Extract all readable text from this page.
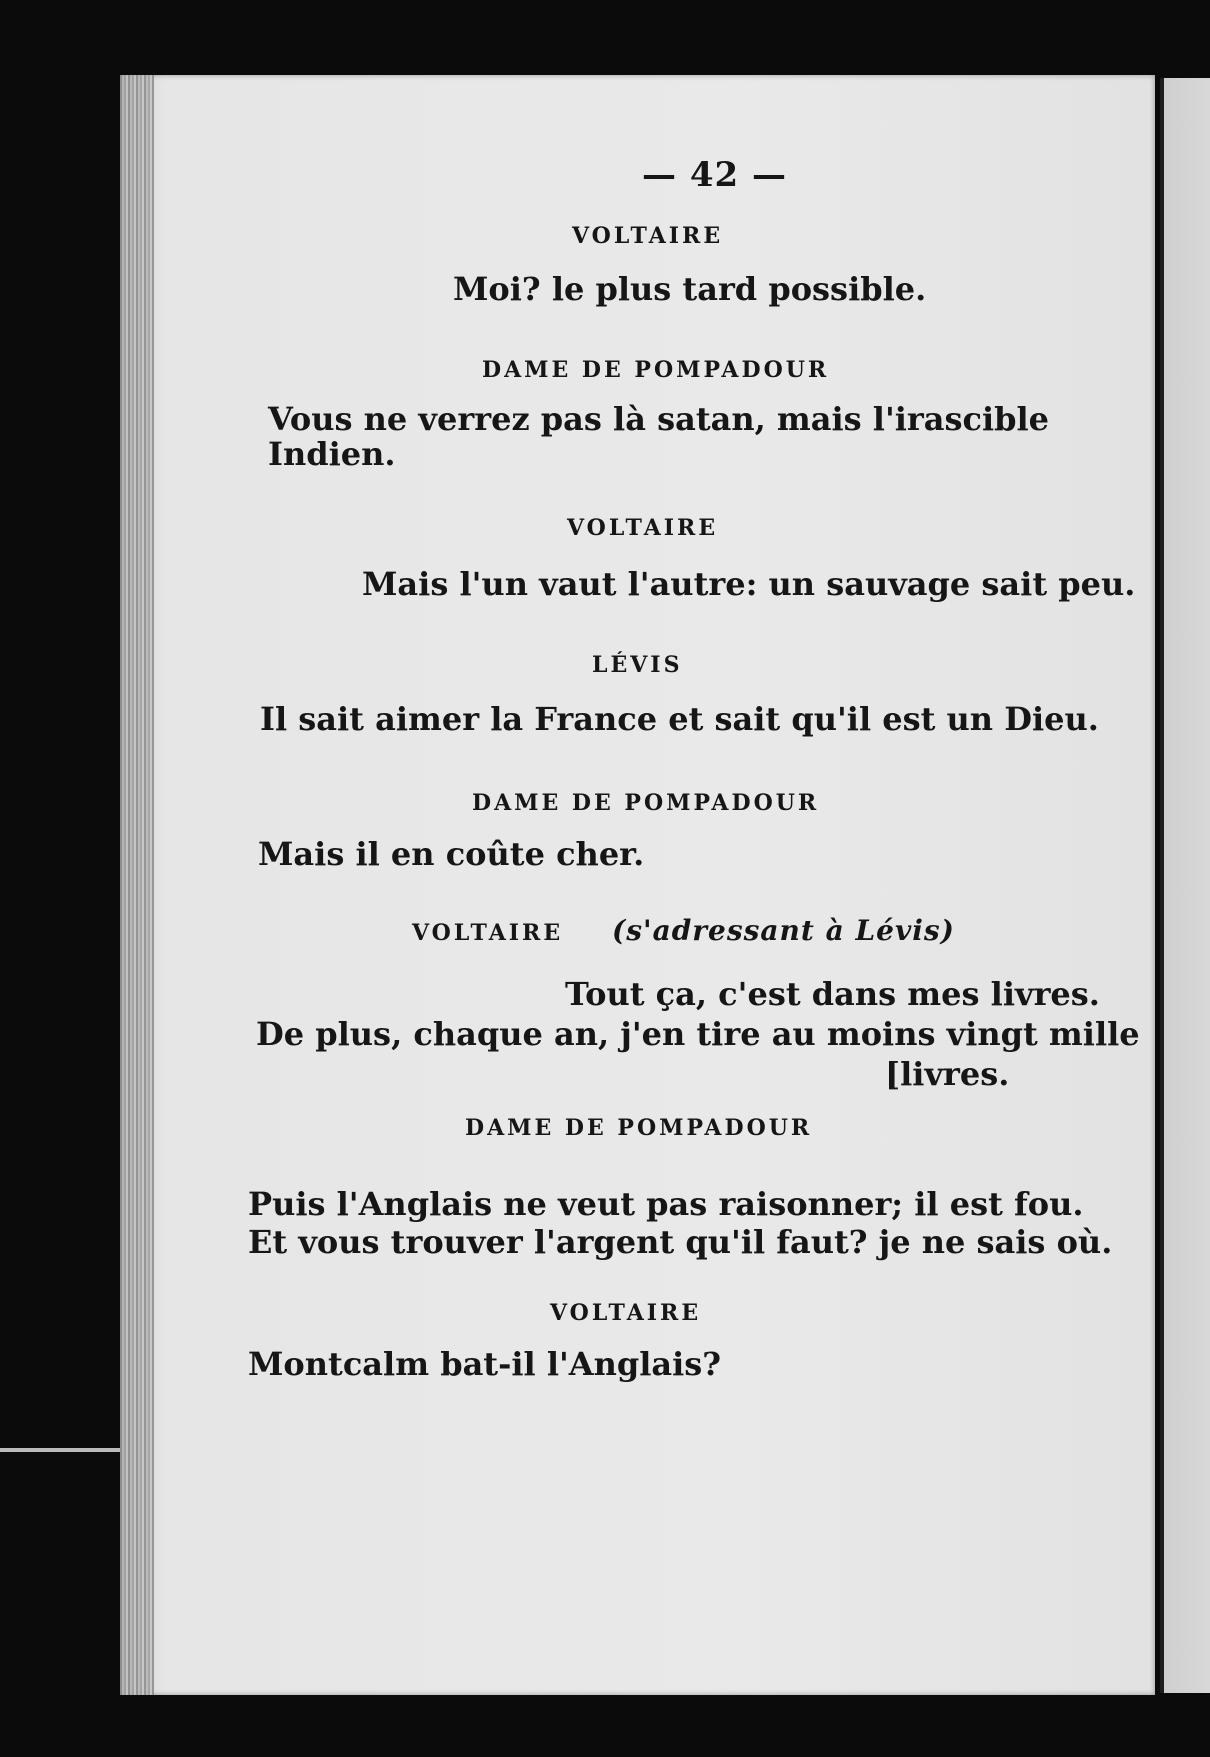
— 42 —
VOLTAIRE
Moi? le plus tard possible.
DAME DE POMPADOUR
Vous ne verrez pas là satan, mais l'irascible
Indien.
VOLTAIRE
Mais l'un vaut l'autre: un sauvage sait peu.
LÉVIS
Il sait aimer la France et sait qu'il est un Dieu.
DAME DE POMPADOUR
Mais il en coûte cher.
VOLTAIRE (s'adressant à Lévis)
Tout ça, c'est dans mes livres.
De plus, chaque an, j'en tire au moins vingt mille
[livres.
DAME DE POMPADOUR
Puis l'Anglais ne veut pas raisonner; il est fou.
Et vous trouver l'argent qu'il faut? je ne sais où.
VOLTAIRE
Montcalm bat-il l'Anglais?
